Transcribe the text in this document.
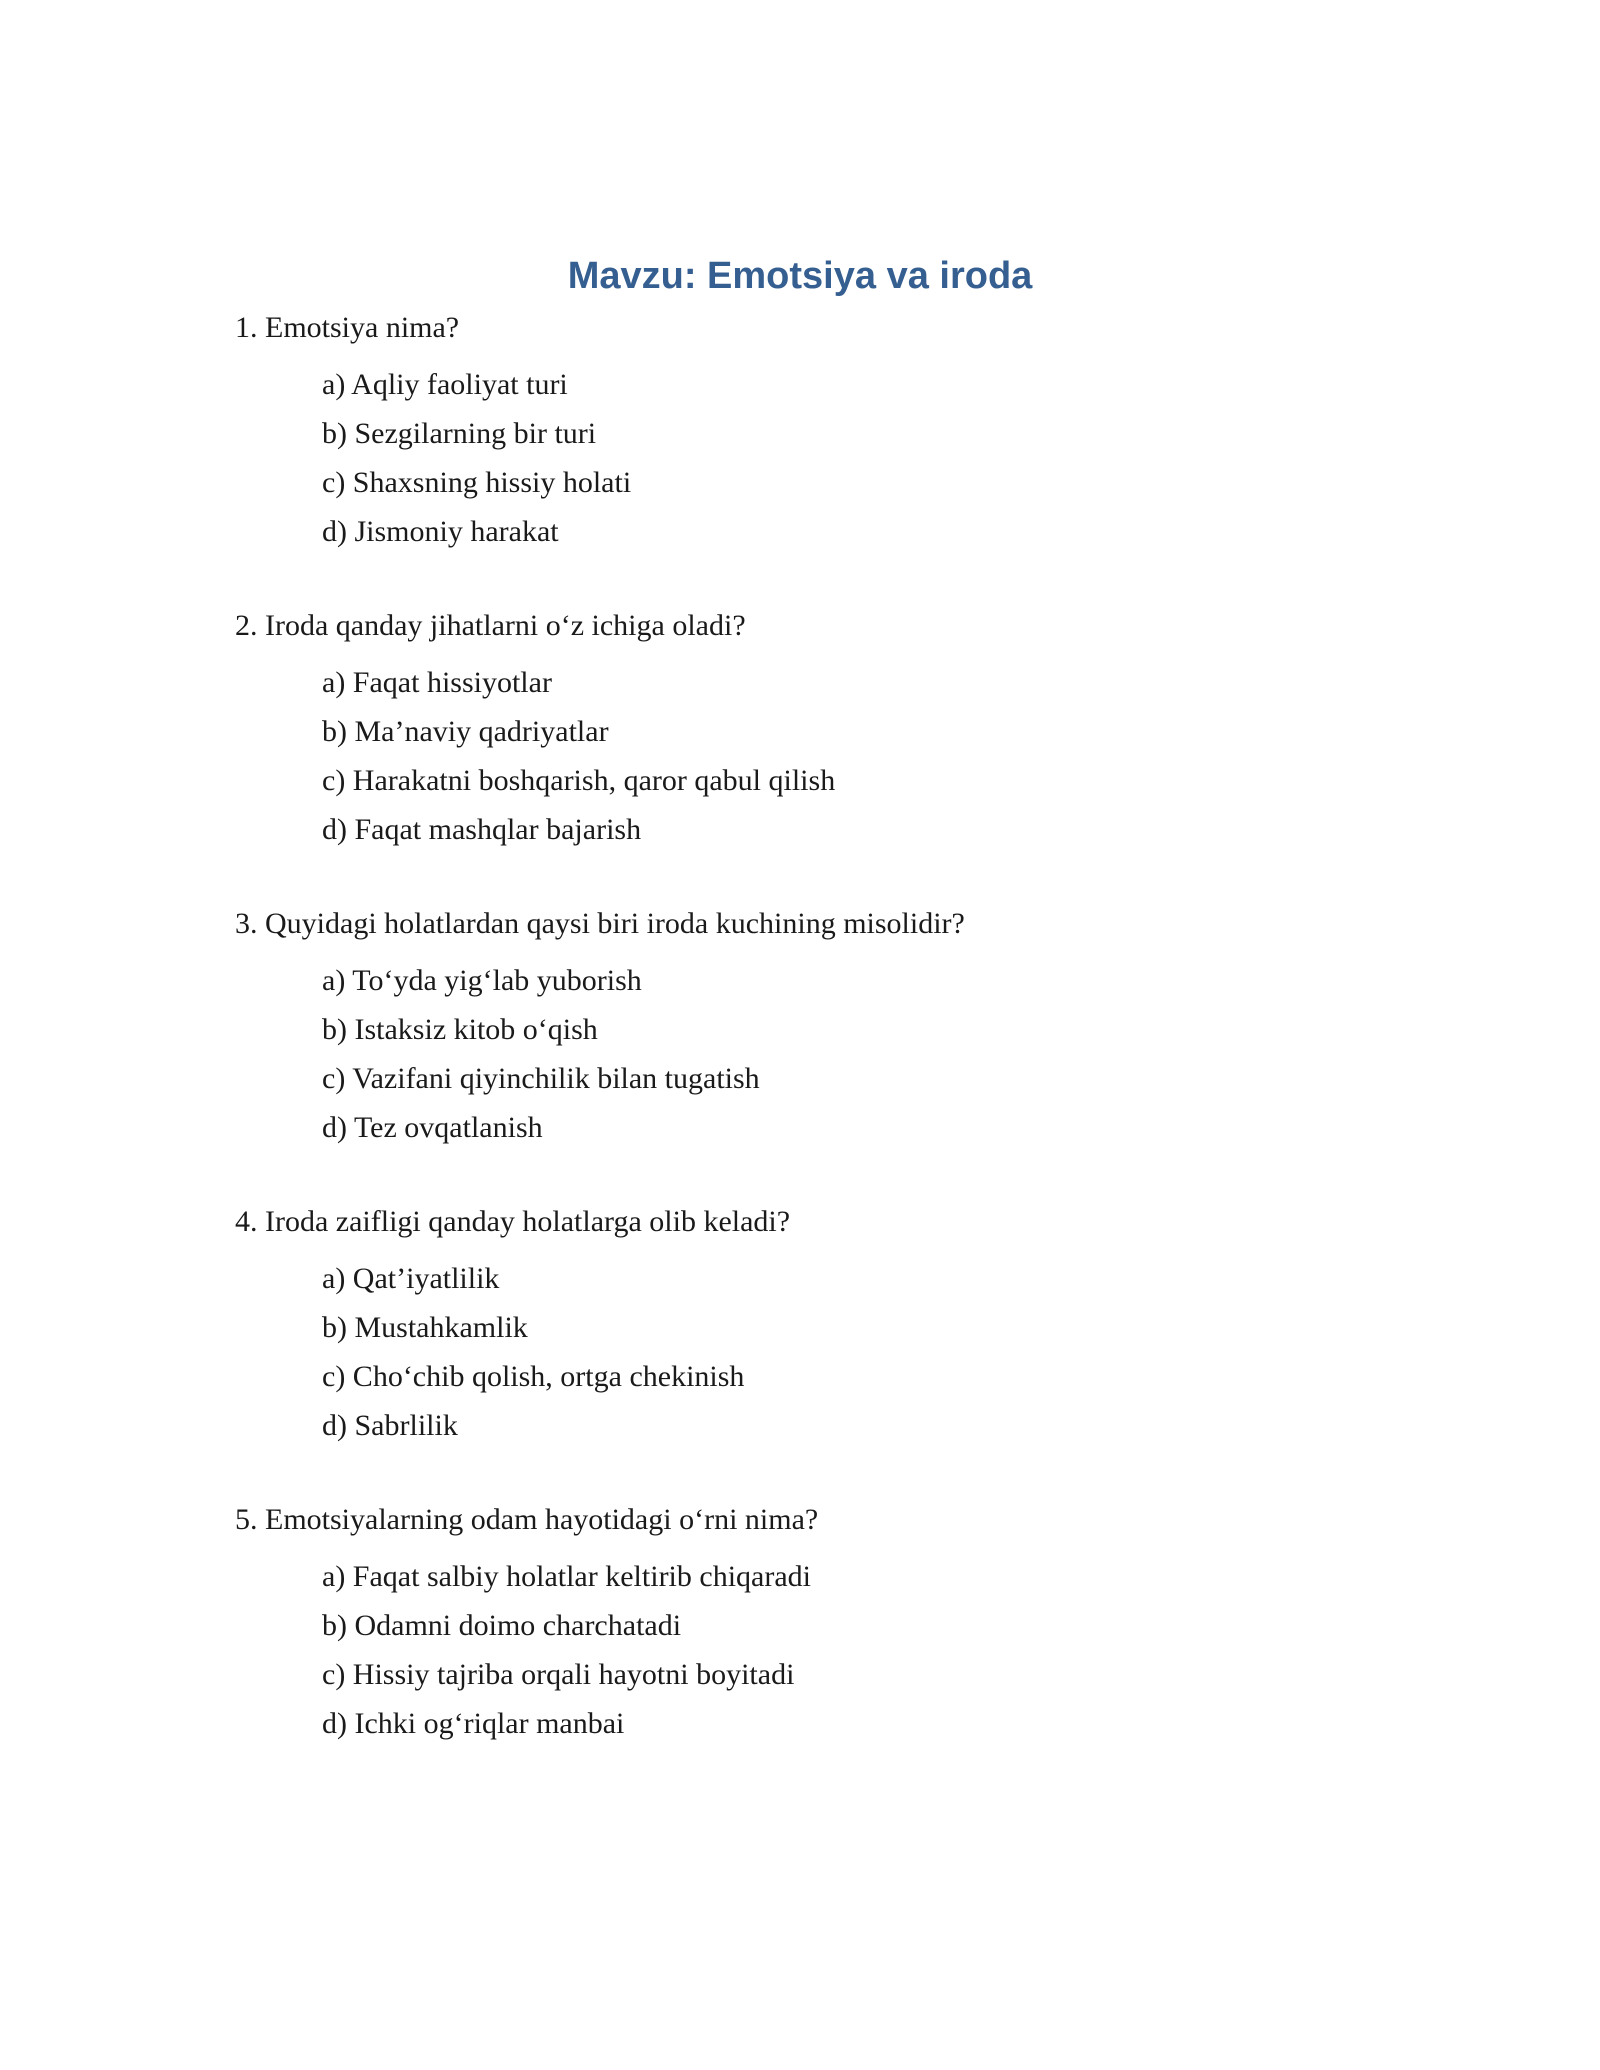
Mavzu: Emotsiya va iroda
1. Emotsiya nima?
a) Aqliy faoliyat turi
b) Sezgilarning bir turi
c) Shaxsning hissiy holati
d) Jismoniy harakat
2. Iroda qanday jihatlarni o‘z ichiga oladi?
a) Faqat hissiyotlar
b) Ma’naviy qadriyatlar
c) Harakatni boshqarish, qaror qabul qilish
d) Faqat mashqlar bajarish
3. Quyidagi holatlardan qaysi biri iroda kuchining misolidir?
a) To‘yda yig‘lab yuborish
b) Istaksiz kitob o‘qish
c) Vazifani qiyinchilik bilan tugatish
d) Tez ovqatlanish
4. Iroda zaifligi qanday holatlarga olib keladi?
a) Qat’iyatlilik
b) Mustahkamlik
c) Cho‘chib qolish, ortga chekinish
d) Sabrlilik
5. Emotsiyalarning odam hayotidagi o‘rni nima?
a) Faqat salbiy holatlar keltirib chiqaradi
b) Odamni doimo charchatadi
c) Hissiy tajriba orqali hayotni boyitadi
d) Ichki og‘riqlar manbai
